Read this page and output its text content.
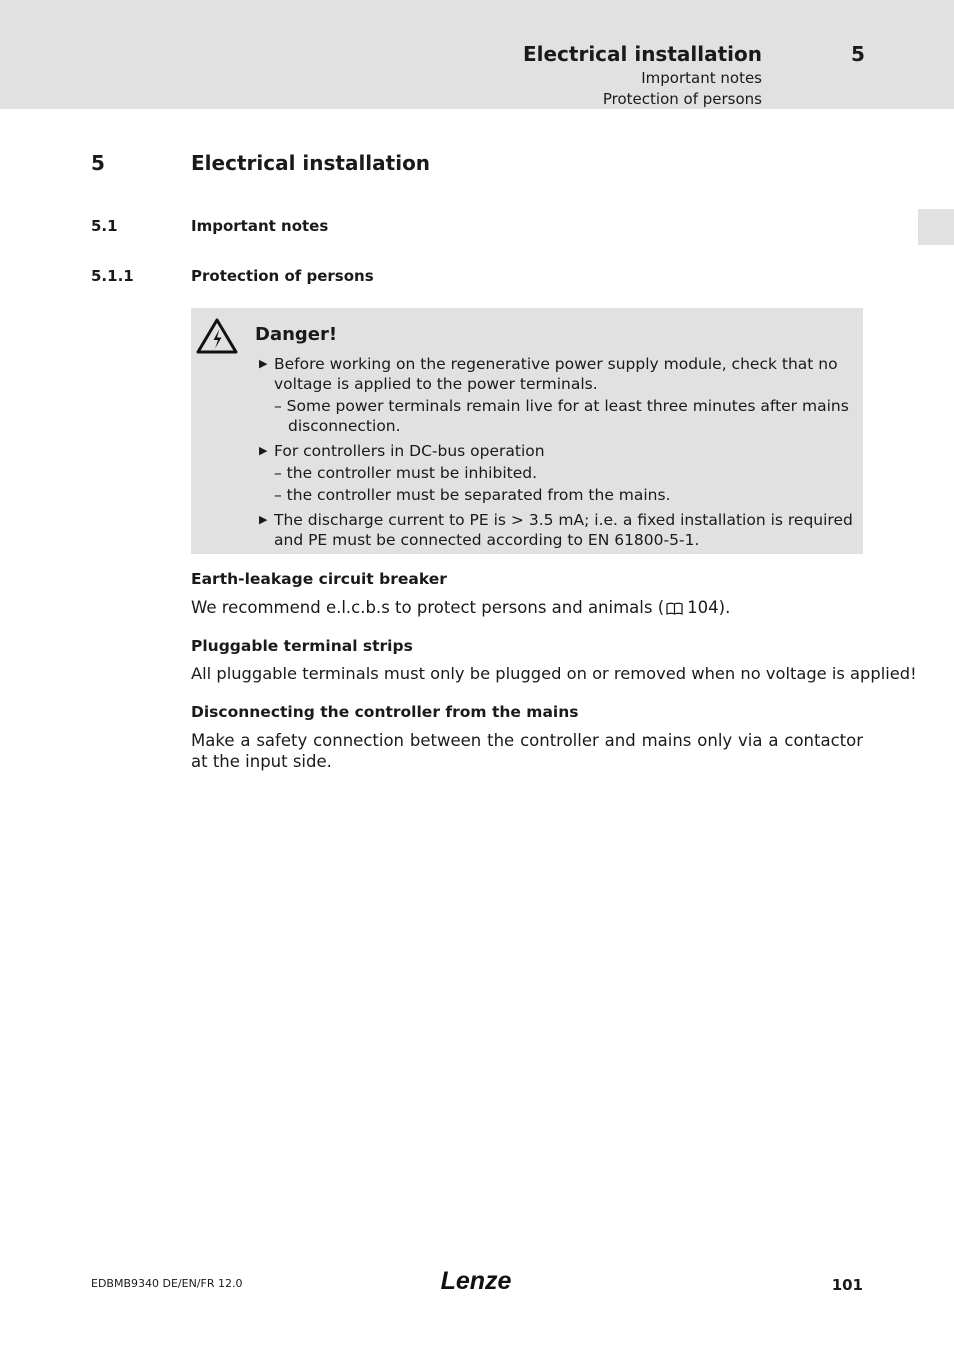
Electrical installation	5
Important notes
Protection of persons
5	Electrical installation
5.1	Important notes
5.1.1	Protection of persons
Danger!
▶ Before working on the regenerative power supply module, check that no
voltage is applied to the power terminals.
– Some power terminals remain live for at least three minutes after mains
disconnection.
▶ For controllers in DC-bus operation
– the controller must be inhibited.
– the controller must be separated from the mains.
▶ The discharge current to PE is > 3.5 mA; i.e. a fixed installation is required
and PE must be connected according to EN 61800-5-1.
Earth-leakage circuit breaker
We recommend e.l.c.b.s to protect persons and animals ( 104).
Pluggable terminal strips
All pluggable terminals must only be plugged on or removed when no voltage is applied!
Disconnecting the controller from the mains
Make a safety connection between the controller and mains only via a contactor at the input side.
EDBMB9340 DE/EN/FR 12.0	Lenze	101
